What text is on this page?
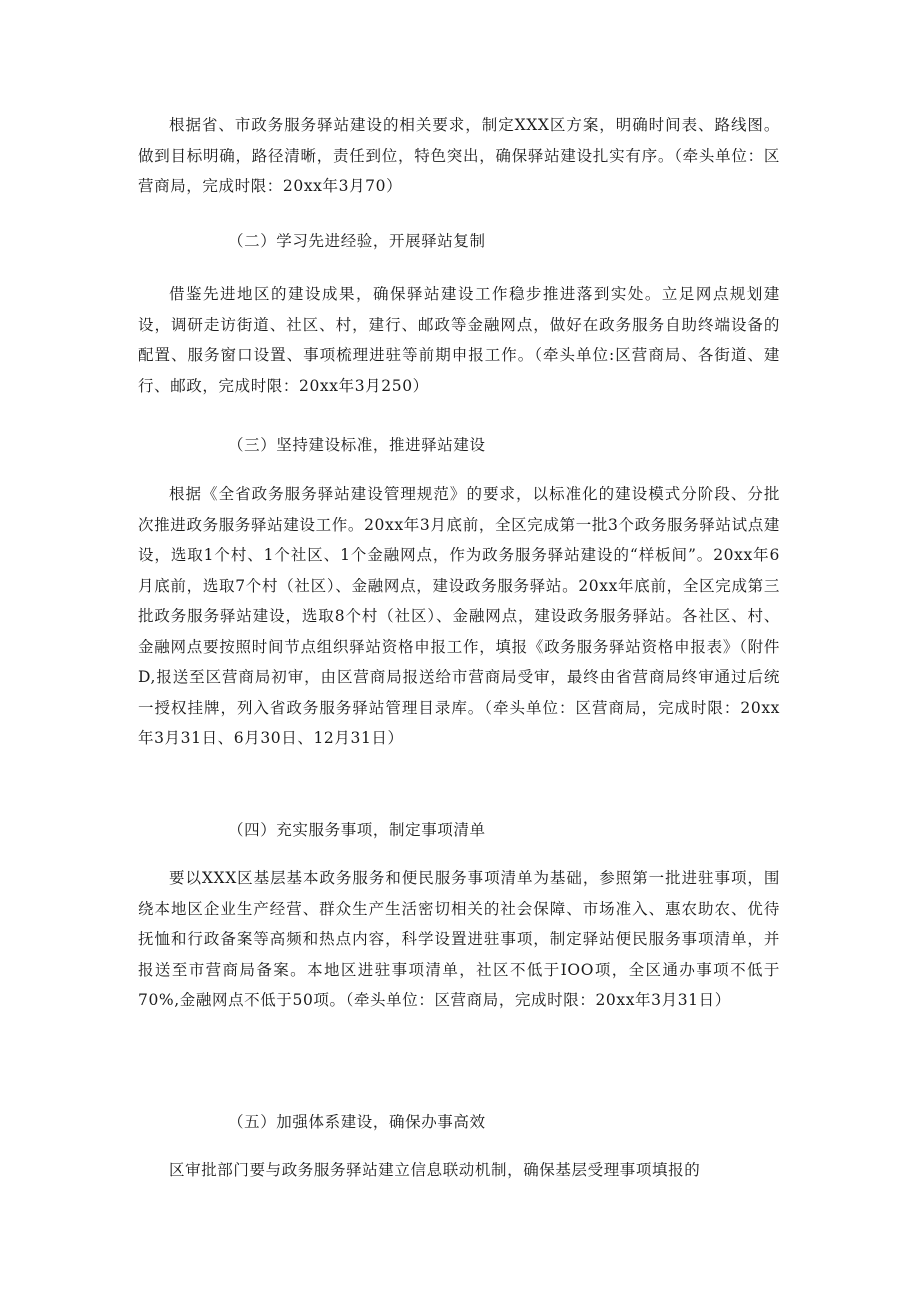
根据省、市政务服务驿站建设的相关要求，制定XXX区方案，明确时间表、路线图。做到目标明确，路径清晰，责任到位，特色突出，确保驿站建设扎实有序。（牵头单位：区营商局，完成时限：20xx年3月70）

（二）学习先进经验，开展驿站复制

借鉴先进地区的建设成果，确保驿站建设工作稳步推进落到实处。立足网点规划建设，调研走访街道、社区、村，建行、邮政等金融网点，做好在政务服务自助终端设备的配置、服务窗口设置、事项梳理进驻等前期申报工作。（牵头单位:区营商局、各街道、建行、邮政，完成时限：20xx年3月250）

（三）坚持建设标准，推进驿站建设

根据《全省政务服务驿站建设管理规范》的要求，以标准化的建设模式分阶段、分批次推进政务服务驿站建设工作。20xx年3月底前，全区完成第一批3个政务服务驿站试点建设，选取1个村、1个社区、1个金融网点，作为政务服务驿站建设的“样板间”。20xx年6月底前，选取7个村（社区）、金融网点，建设政务服务驿站。20xx年底前，全区完成第三批政务服务驿站建设，选取8个村（社区）、金融网点，建设政务服务驿站。各社区、村、金融网点要按照时间节点组织驿站资格申报工作，填报《政务服务驿站资格申报表》（附件D,报送至区营商局初审，由区营商局报送给市营商局受审，最终由省营商局终审通过后统一授权挂牌，列入省政务服务驿站管理目录库。（牵头单位：区营商局，完成时限：20xx年3月31日、6月30日、12月31日）

（四）充实服务事项，制定事项清单

要以XXX区基层基本政务服务和便民服务事项清单为基础，参照第一批进驻事项，围绕本地区企业生产经营、群众生产生活密切相关的社会保障、市场准入、惠农助农、优待抚恤和行政备案等高频和热点内容，科学设置进驻事项，制定驿站便民服务事项清单，并报送至市营商局备案。本地区进驻事项清单，社区不低于IOO项，全区通办事项不低于70%,金融网点不低于50项。（牵头单位：区营商局，完成时限：20xx年3月31日）

（五）加强体系建设，确保办事高效

区审批部门要与政务服务驿站建立信息联动机制，确保基层受理事项填报的
